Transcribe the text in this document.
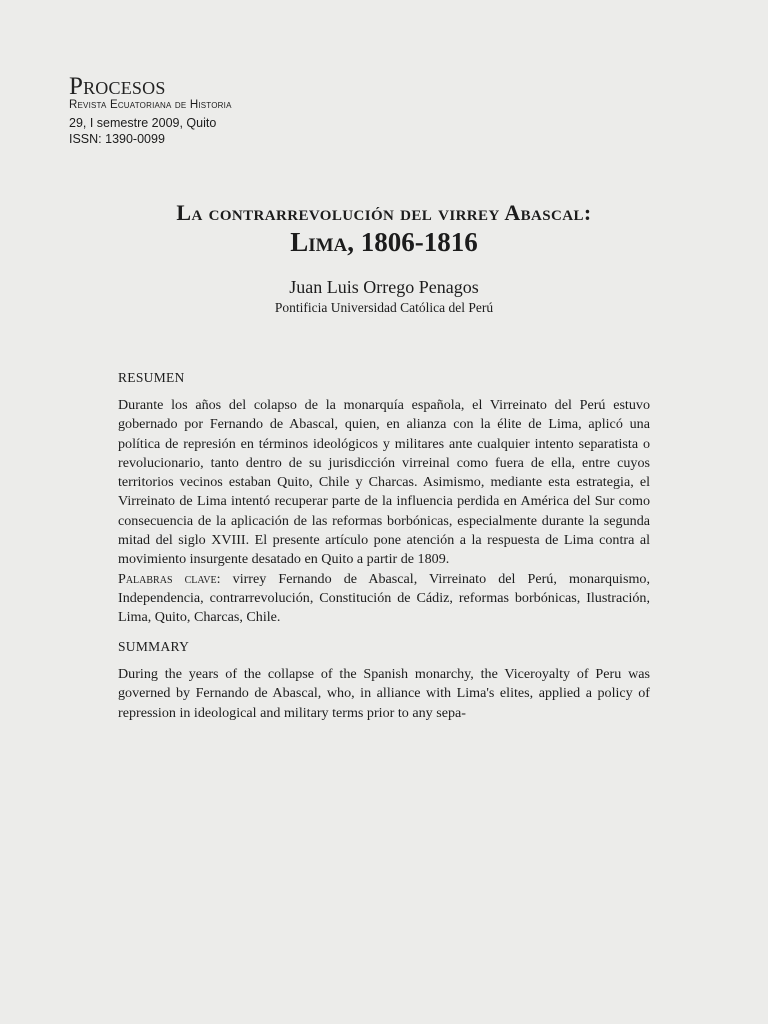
Procesos

Revista Ecuatoriana de Historia

29, I semestre 2009, Quito

ISSN: 1390-0099

La contrarrevolución del virrey Abascal:

Lima, 1806-1816

Juan Luis Orrego Penagos

Pontificia Universidad Católica del Perú

RESUMEN

Durante los años del colapso de la monarquía española, el Virreinato del Perú estuvo gobernado por Fernando de Abascal, quien, en alianza con la élite de Lima, aplicó una política de represión en términos ideológicos y militares ante cualquier intento separatista o revolucionario, tanto dentro de su jurisdicción virreinal como fuera de ella, entre cuyos territorios vecinos estaban Quito, Chile y Charcas. Asimismo, mediante esta estrategia, el Virreinato de Lima intentó recuperar parte de la influencia perdida en América del Sur como consecuencia de la aplicación de las reformas borbónicas, especialmente durante la segunda mitad del siglo XVIII. El presente artículo pone atención a la respuesta de Lima contra al movimiento insurgente desatado en Quito a partir de 1809.
Palabras clave: virrey Fernando de Abascal, Virreinato del Perú, monarquismo, Independencia, contrarrevolución, Constitución de Cádiz, reformas borbónicas, Ilustración, Lima, Quito, Charcas, Chile.

SUMMARY

During the years of the collapse of the Spanish monarchy, the Viceroyalty of Peru was governed by Fernando de Abascal, who, in alliance with Lima's elites, applied a policy of repression in ideological and military terms prior to any sepa-
